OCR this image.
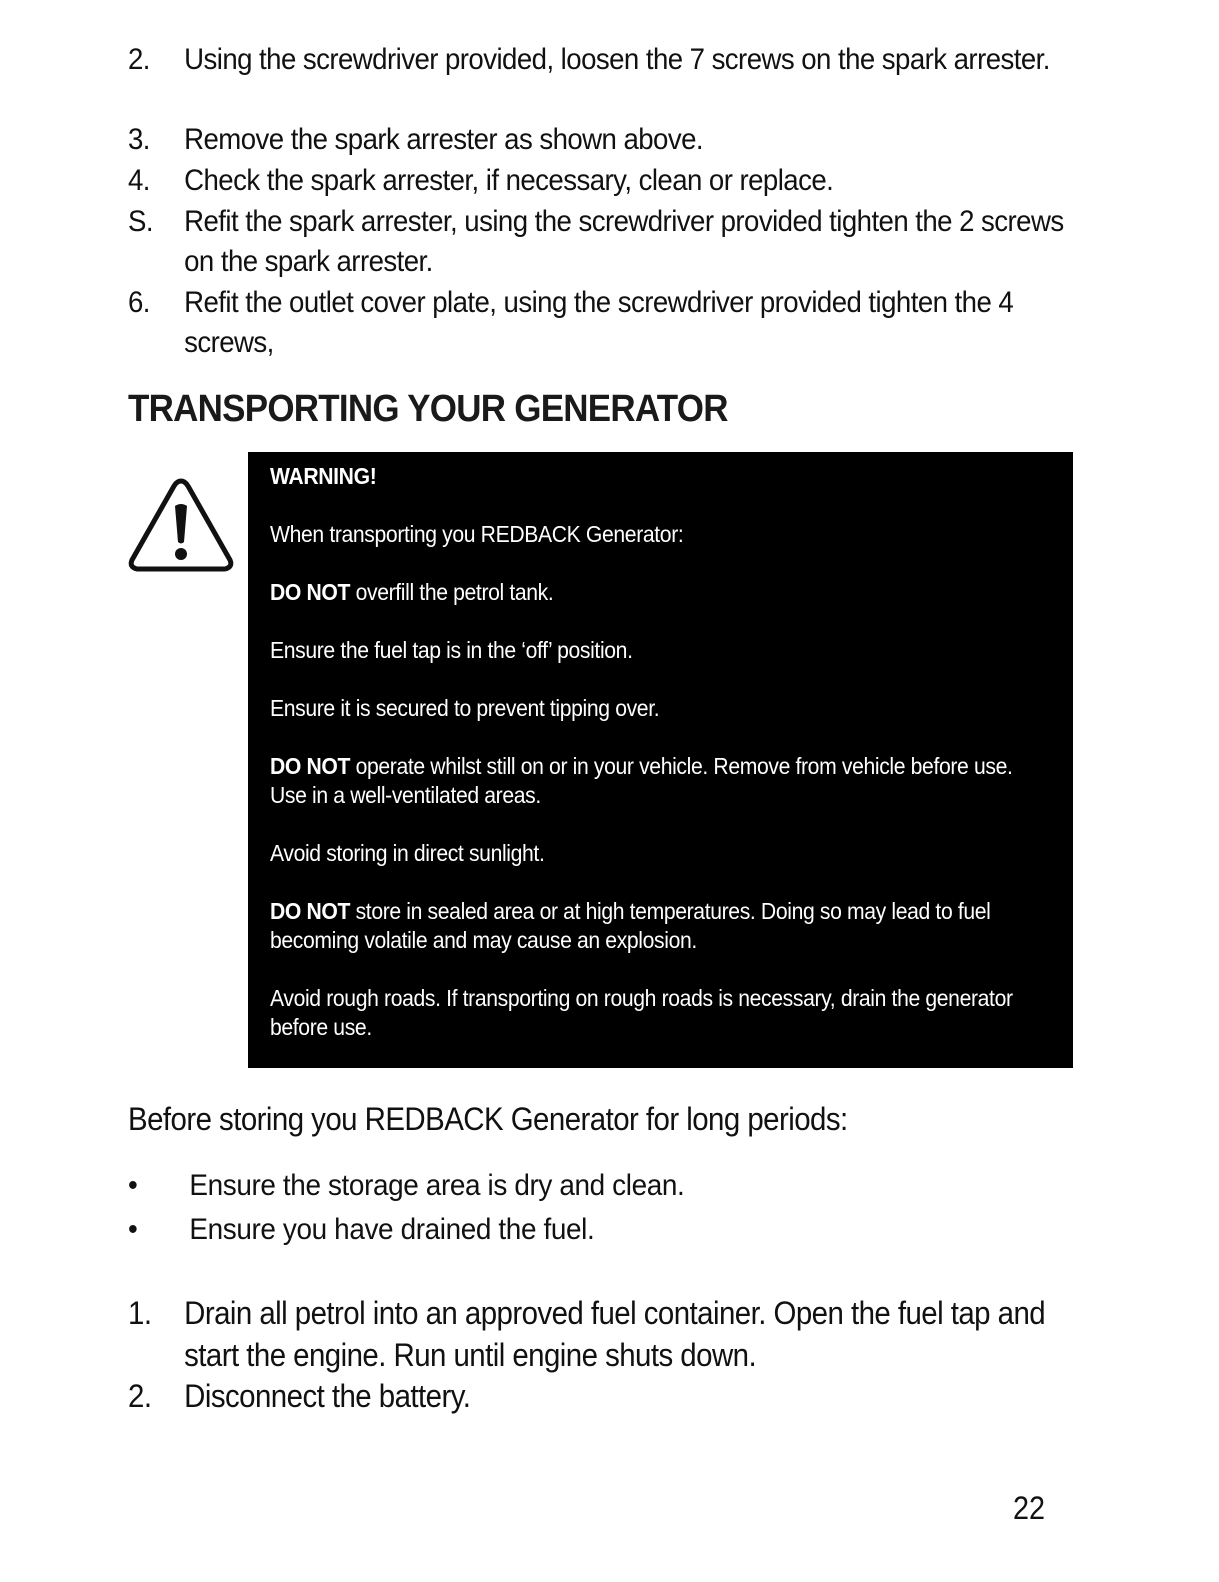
2.	Using the screwdriver provided, loosen the 7 screws on the spark arrester.
3.	Remove the spark arrester as shown above.
4.	Check the spark arrester, if necessary, clean or replace.
S.	Refit the spark arrester, using the screwdriver provided tighten the 2 screws on the spark arrester.
6.	Refit the outlet cover plate, using the screwdriver provided tighten the 4 screws,
TRANSPORTING YOUR GENERATOR
WARNING!
When transporting you REDBACK Generator:
DO NOT overfill the petrol tank.
Ensure the fuel tap is in the ‘off’ position.
Ensure it is secured to prevent tipping over.
DO NOT operate whilst still on or in your vehicle. Remove from vehicle before use. Use in a well-ventilated areas.
Avoid storing in direct sunlight.
DO NOT store in sealed area or at high temperatures. Doing so may lead to fuel becoming volatile and may cause an explosion.
Avoid rough roads. If transporting on rough roads is necessary, drain the generator before use.
Before storing you REDBACK Generator for long periods:
• Ensure the storage area is dry and clean.
• Ensure you have drained the fuel.
1.	Drain all petrol into an approved fuel container. Open the fuel tap and start the engine. Run until engine shuts down.
2.	Disconnect the battery.
22
